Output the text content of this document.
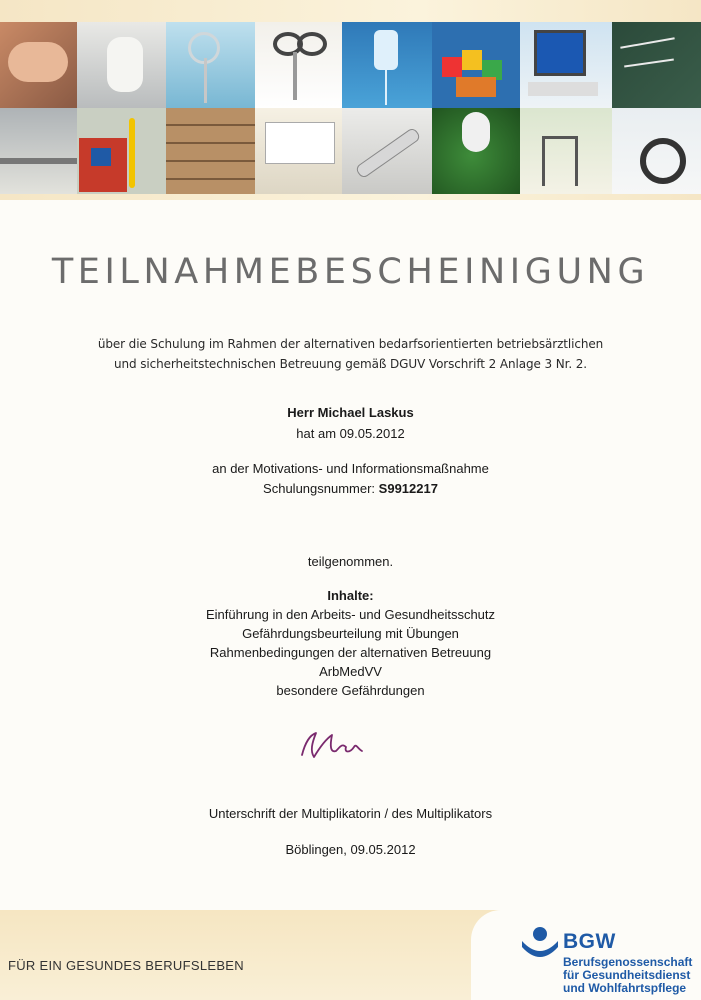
TEILNAHMEBESCHEINIGUNG
über die Schulung im Rahmen der alternativen bedarfsorientierten betriebsärztlichen
und sicherheitstechnischen Betreuung gemäß DGUV Vorschrift 2 Anlage 3 Nr. 2.
Herr Michael Laskus
hat am 09.05.2012
an der Motivations- und Informationsmaßnahme
Schulungsnummer: S9912217
teilgenommen.
Inhalte:
Einführung in den Arbeits- und Gesundheitsschutz
Gefährdungsbeurteilung mit Übungen
Rahmenbedingungen der alternativen Betreuung
ArbMedVV
besondere Gefährdungen
Unterschrift der Multiplikatorin / des Multiplikators
Böblingen, 09.05.2012
FÜR EIN GESUNDES BERUFSLEBEN
BGW
Berufsgenossenschaft
für Gesundheitsdienst
und Wohlfahrtspflege
